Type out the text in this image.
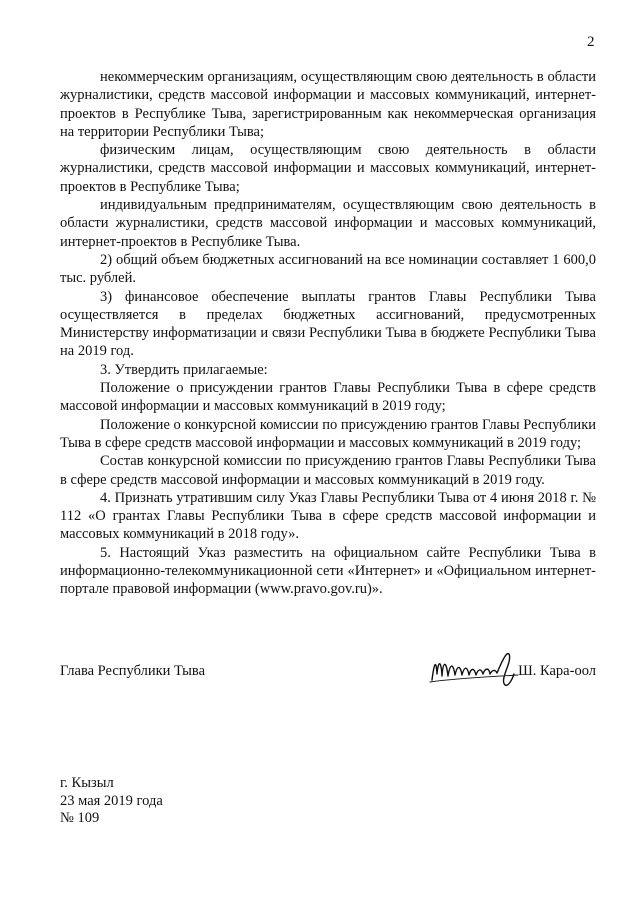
2

некоммерческим организациям, осуществляющим свою деятельность в области журналистики, средств массовой информации и массовых коммуникаций, интернет-проектов в Республике Тыва, зарегистрированным как некоммерческая организация на территории Республики Тыва;

физическим лицам, осуществляющим свою деятельность в области журналистики, средств массовой информации и массовых коммуникаций, интернет-проектов в Республике Тыва;

индивидуальным предпринимателям, осуществляющим свою деятельность в области журналистики, средств массовой информации и массовых коммуникаций, интернет-проектов в Республике Тыва.

2) общий объем бюджетных ассигнований на все номинации составляет 1 600,0 тыс. рублей.

3) финансовое обеспечение выплаты грантов Главы Республики Тыва осуществляется в пределах бюджетных ассигнований, предусмотренных Министерству информатизации и связи Республики Тыва в бюджете Республики Тыва на 2019 год.

3. Утвердить прилагаемые:

Положение о присуждении грантов Главы Республики Тыва в сфере средств массовой информации и массовых коммуникаций в 2019 году;

Положение о конкурсной комиссии по присуждению грантов Главы Республики Тыва в сфере средств массовой информации и массовых коммуникаций в 2019 году;

Состав конкурсной комиссии по присуждению грантов Главы Республики Тыва в сфере средств массовой информации и массовых коммуникаций в 2019 году.

4. Признать утратившим силу Указ Главы Республики Тыва от 4 июня 2018 г. № 112 «О грантах Главы Республики Тыва в сфере средств массовой информации и массовых коммуникаций в 2018 году».

5. Настоящий Указ разместить на официальном сайте Республики Тыва в информационно-телекоммуникационной сети «Интернет» и «Официальном интернет-портале правовой информации (www.pravo.gov.ru)».

Глава Республики Тыва	Ш. Кара-оол
г. Кызыл
23 мая 2019 года
№ 109
